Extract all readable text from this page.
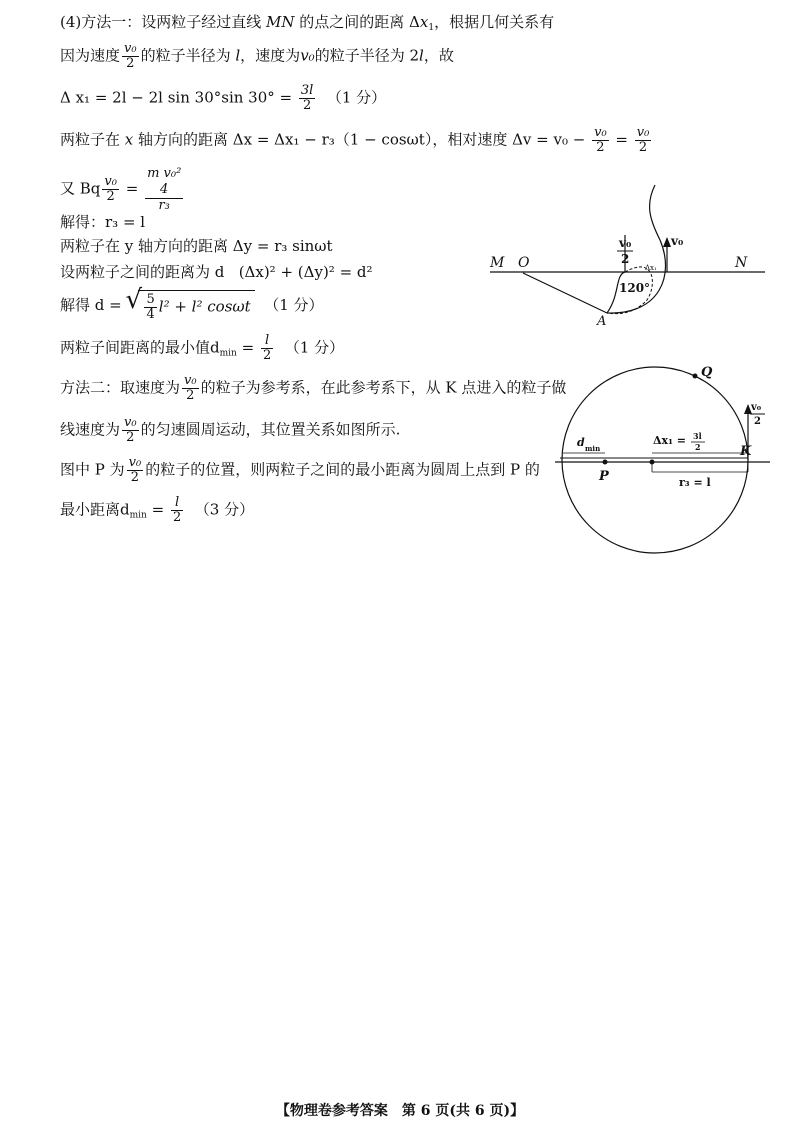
(4)方法一：设两粒子经过直线 MN 的点之间的距离 $\Delta x_1$，根据几何关系有
因为速度 $\frac{\text{v₀}}{2}$ 的粒子半径为 l，速度为v₀的粒子半径为 2l，故
Δ x₁ = 2l − 2l sin 30°sin $30^\circ = \frac{3l}{2} (1$ 分）
两粒子在 x 轴方向的距离 Δx = Δx₁ − r₃（1 − cosωt），相对速度 $\Delta v = v_0 - \frac{\text{v₀}}{2} = \frac{\text{v₀}}{2}$
又 Bq $\frac{\text{v₀}}{2}$ =
m v₀²
4
r₃
解得：r₃ = l
两粒子在 y 轴方向的距离 Δy = r₃ sinωt
设两粒子之间的距离为 d (Δx)² + (Δy)² = d²
解得 d =
√ $\frac{5}{4} l^2 + l^2$ cosωt （1 分）
两粒子间距离的最小值$d_{min} = \frac{l}{2} (1$ 分）
方法二：取速度为 $\frac{\text{v₀}}{2}$ 的粒子为参考系，在此参考系下，从 K 点进入的粒子做
线速度为 $\frac{\text{v₀}}{2}$ 的匀速圆周运动，其位置关系如图所示.
图中 P 为 $\frac{\text{v₀}}{2}$ 的粒子的位置，则两粒子之间的最小距离为圆周上点到 P 的
最小距离$d_{min} = \frac{l}{2} (3$ 分）
M O	N
v₀
2
v₀
Δx₁
120°
A
Q
v₀
2
K
P
d min
Δx₁ = 3l
2
r₃ = l
【物理卷参考答案　第 6 页(共 6 页)】
